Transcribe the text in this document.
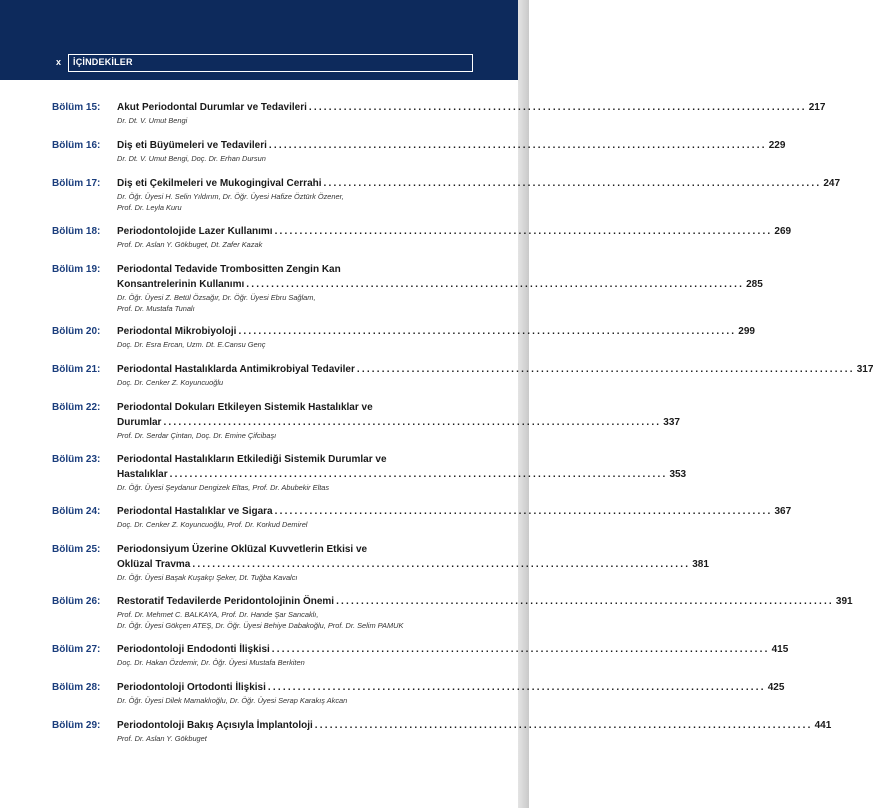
x İÇİNDEKİLER
Bölüm 15:	Akut Periodontal Durumlar ve Tedavileri .................................................................................................... 217
Dr. Dt. V. Umut Bengi
Bölüm 16:	Diş eti Büyümeleri ve Tedavileri .................................................................................................... 229
Dr. Dt. V. Umut Bengi, Doç. Dr. Erhan Dursun
Bölüm 17:	Diş eti Çekilmeleri ve Mukogingival Cerrahi .................................................................................................... 247
Dr. Öğr. Üyesi H. Selin Yıldırım, Dr. Öğr. Üyesi Hafize Öztürk Özener,
Prof. Dr. Leyla Kuru
Bölüm 18:	Periodontolojide Lazer Kullanımı .................................................................................................... 269
Prof. Dr. Aslan Y. Gökbuget, Dt. Zafer Kazak
Bölüm 19:	Periodontal Tedavide Trombositten Zengin Kan
Konsantrelerinin Kullanımı .................................................................................................... 285
Dr. Öğr. Üyesi Z. Betül Özsağır, Dr. Öğr. Üyesi Ebru Sağlam,
Prof. Dr. Mustafa Tunalı
Bölüm 20:	Periodontal Mikrobiyoloji .................................................................................................... 299
Doç. Dr. Esra Ercan, Uzm. Dt. E.Cansu Genç
Bölüm 21:	Periodontal Hastalıklarda Antimikrobiyal Tedaviler .................................................................................................... 317
Doç. Dr. Cenker Z. Koyuncuoğlu
Bölüm 22:	Periodontal Dokuları Etkileyen Sistemik Hastalıklar ve
Durumlar .................................................................................................... 337
Prof. Dr. Serdar Çintan, Doç. Dr. Emine Çifcibaşı
Bölüm 23:	Periodontal Hastalıkların Etkilediği Sistemik Durumlar ve
Hastalıklar .................................................................................................... 353
Dr. Öğr. Üyesi Şeydanur Dengizek Eltas, Prof. Dr. Abubekir Eltas
Bölüm 24:	Periodontal Hastalıklar ve Sigara .................................................................................................... 367
Doç. Dr. Cenker Z. Koyuncuoğlu, Prof. Dr. Korkud Demirel
Bölüm 25:	Periodonsiyum Üzerine Oklüzal Kuvvetlerin Etkisi ve
Oklüzal Travma .................................................................................................... 381
Dr. Öğr. Üyesi Başak Kuşakçı Şeker, Dt. Tuğba Kavalcı
Bölüm 26:	Restoratif Tedavilerde Peridontolojinin Önemi .................................................................................................... 391
Prof. Dr. Mehmet C. BALKAYA, Prof. Dr. Hande Şar Sancaklı,
Dr. Öğr. Üyesi Gökçen ATEŞ, Dr. Öğr. Üyesi Behiye Dabakoğlu, Prof. Dr. Selim PAMUK
Bölüm 27:	Periodontoloji Endodonti İlişkisi .................................................................................................... 415
Doç. Dr. Hakan Özdemir, Dr. Öğr. Üyesi Mustafa Berkiten
Bölüm 28:	Periodontoloji Ortodonti İlişkisi .................................................................................................... 425
Dr. Öğr. Üyesi Dilek Mamaklıoğlu, Dr. Öğr. Üyesi Serap Karakış Akcan
Bölüm 29:	Periodontoloji Bakış Açısıyla İmplantoloji .................................................................................................... 441
Prof. Dr. Aslan Y. Gökbuget
